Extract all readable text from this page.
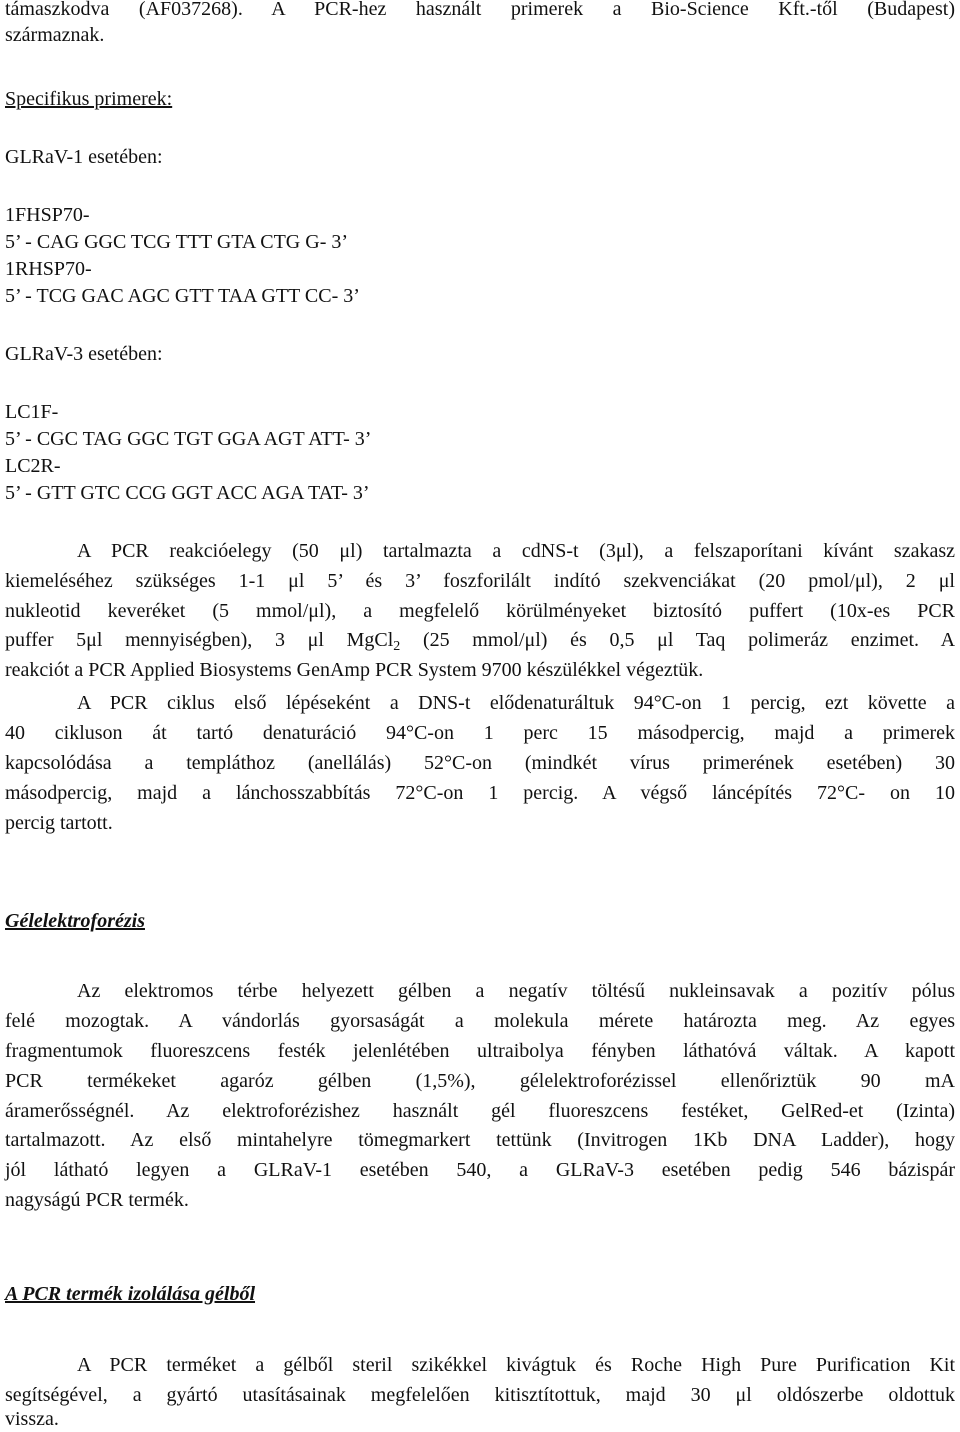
támaszkodva (AF037268). A PCR-hez használt primerek a Bio-Science Kft.-től (Budapest)

származnak.

Specifikus primerek:

GLRaV-1 esetében:

1FHSP70-

5’ - CAG GGC TCG TTT GTA CTG G- 3’

1RHSP70-

5’ - TCG GAC AGC GTT TAA GTT CC- 3’

GLRaV-3 esetében:

LC1F-

5’ - CGC TAG GGC TGT GGA AGT ATT- 3’

LC2R-

5’ - GTT GTC CCG GGT ACC AGA TAT- 3’

A PCR reakcióelegy (50 μl) tartalmazta a cdNS-t (3μl), a felszaporítani kívánt szakasz

kiemeléséhez szükséges 1-1 μl 5’ és 3’ foszforilált indító szekvenciákat (20 pmol/μl), 2 μl

nukleotid keveréket (5 mmol/μl), a megfelelő körülményeket biztosító puffert (10x-es PCR

puffer 5μl mennyiségben), 3 μl MgCl$_2$ (25 mmol/μl) és 0,5 μl Taq polimeráz enzimet. A

reakciót a PCR Applied Biosystems GenAmp PCR System 9700 készülékkel végeztük.

A PCR ciklus első lépéseként a DNS-t elődenaturáltuk 94°C-on 1 percig, ezt követte a

40 cikluson át tartó denaturáció 94°C-on 1 perc 15 másodpercig, majd a primerek

kapcsolódása a templáthoz (anellálás) 52°C-on (mindkét vírus primerének esetében) 30

másodpercig, majd a lánchosszabbítás 72°C-on 1 percig. A végső láncépítés 72°C- on 10

percig tartott.

Gélelektroforézis

Az elektromos térbe helyezett gélben a negatív töltésű nukleinsavak a pozitív pólus

felé mozogtak. A vándorlás gyorsaságát a molekula mérete határozta meg. Az egyes

fragmentumok fluoreszcens festék jelenlétében ultraibolya fényben láthatóvá váltak. A kapott

PCR termékeket agaróz gélben (1,5%), gélelektroforézissel ellenőriztük 90 mA

áramerősségnél. Az elektroforézishez használt gél fluoreszcens festéket, GelRed-et (Izinta)

tartalmazott. Az első mintahelyre tömegmarkert tettünk (Invitrogen 1Kb DNA Ladder), hogy

jól látható legyen a GLRaV-1 esetében 540, a GLRaV-3 esetében pedig 546 bázispár

nagyságú PCR termék.

A PCR termék izolálása gélből

A PCR terméket a gélből steril szikékkel kivágtuk és Roche High Pure Purification Kit

segítségével, a gyártó utasításainak megfelelően kitisztítottuk, majd 30 μl oldószerbe oldottuk

vissza.
